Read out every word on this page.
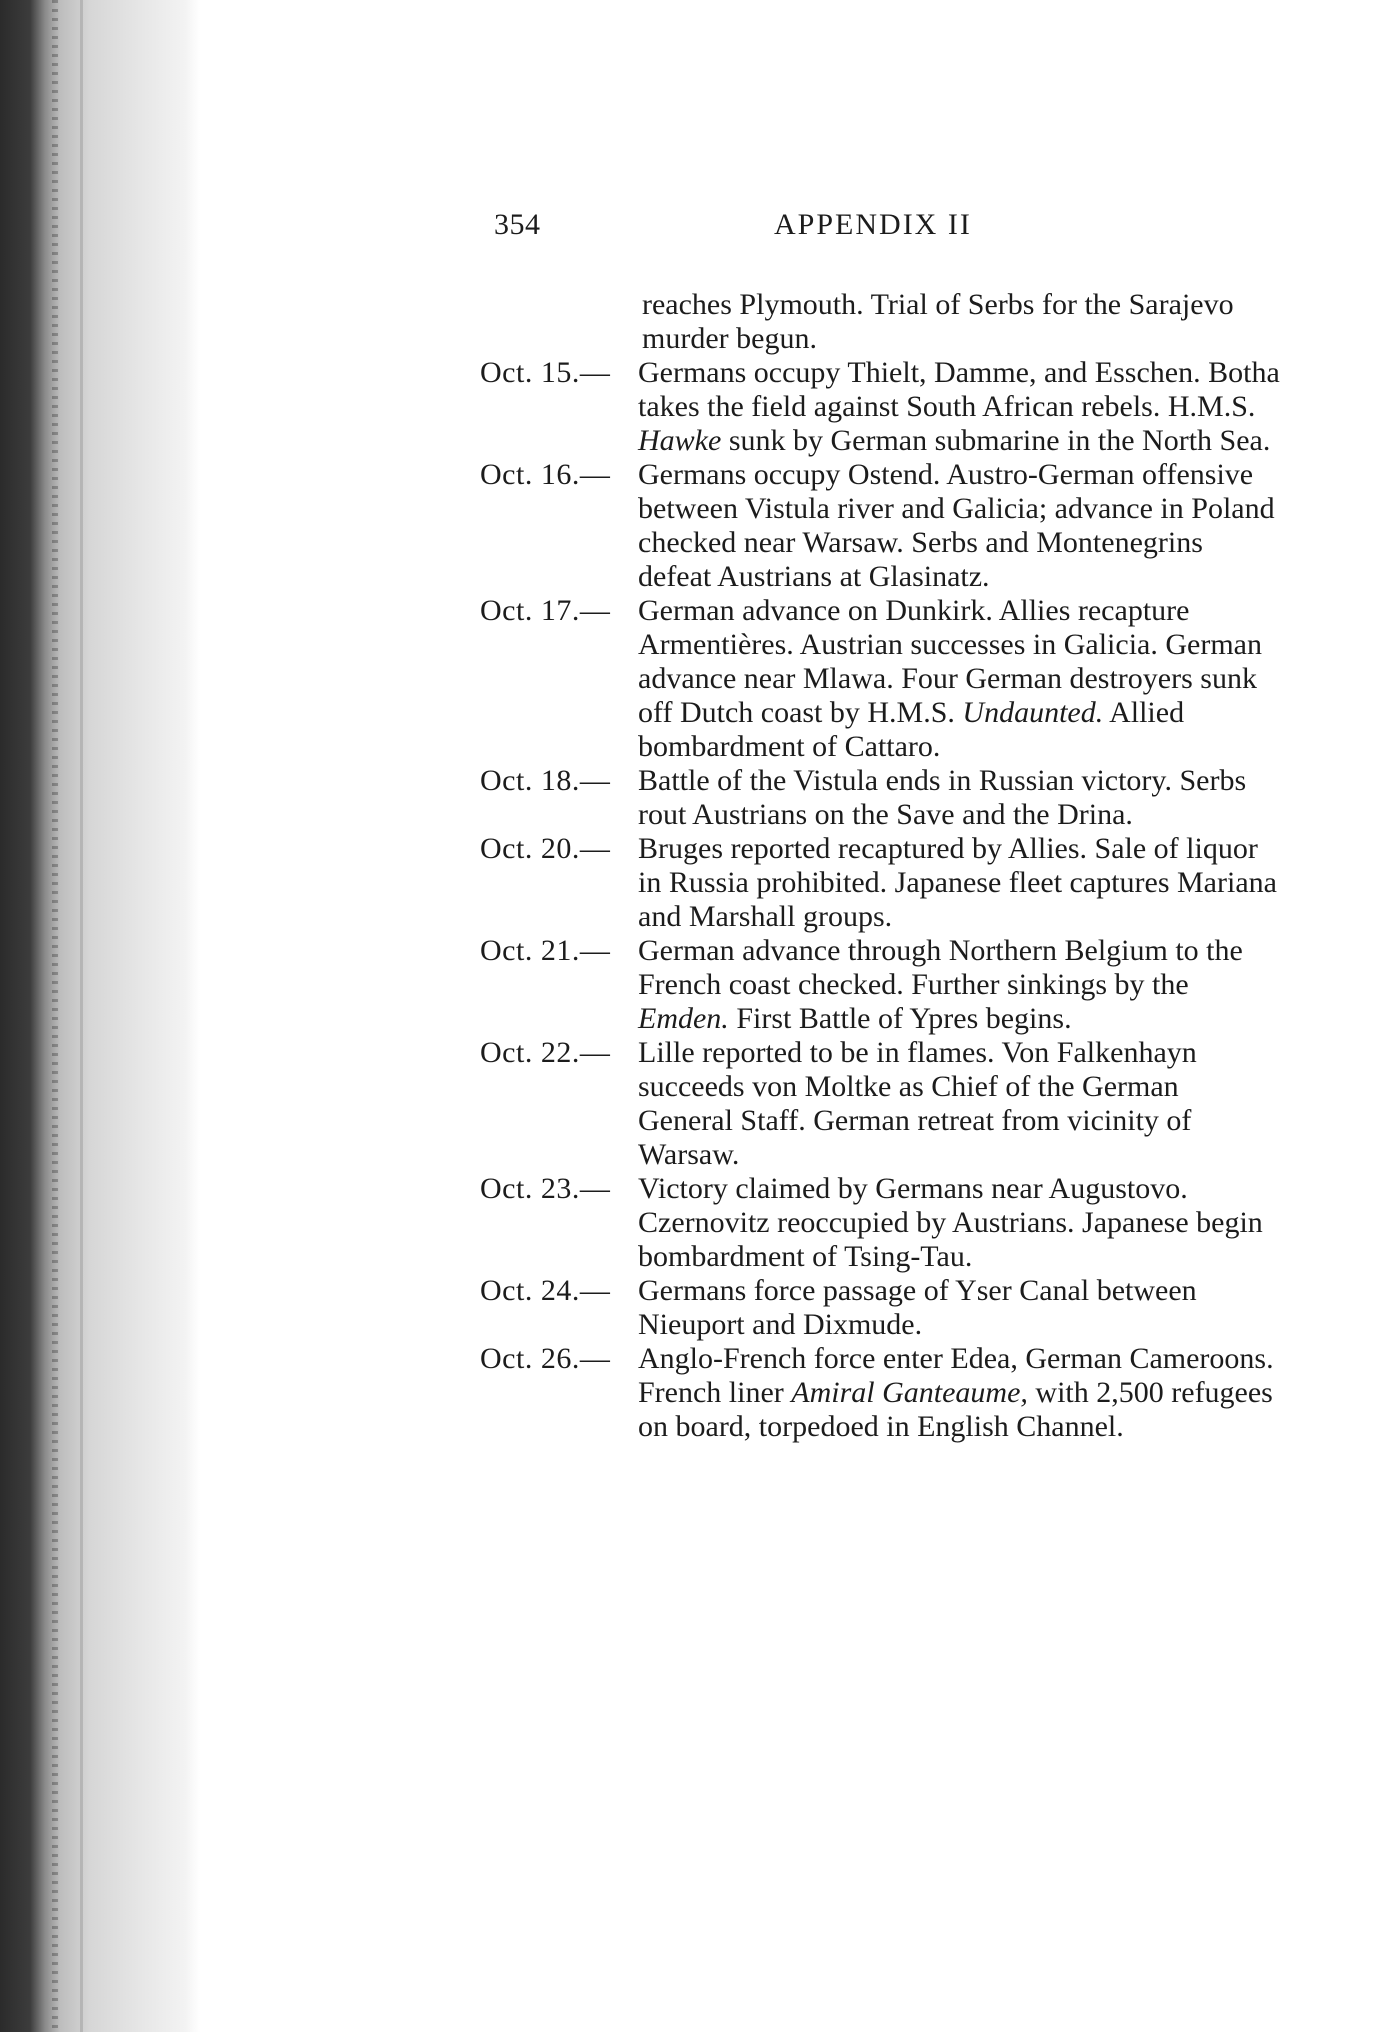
354	APPENDIX II

reaches Plymouth. Trial of Serbs for the Sarajevo murder begun.

Oct. 15.— Germans occupy Thielt, Damme, and Esschen. Botha takes the field against South African rebels. H.M.S. Hawke sunk by German submarine in the North Sea.

Oct. 16.— Germans occupy Ostend. Austro-German offensive between Vistula river and Galicia; advance in Poland checked near Warsaw. Serbs and Montenegrins defeat Austrians at Glasinatz.

Oct. 17.— German advance on Dunkirk. Allies recapture Armentières. Austrian successes in Galicia. German advance near Mlawa. Four German destroyers sunk off Dutch coast by H.M.S. Undaunted. Allied bombardment of Cattaro.

Oct. 18.— Battle of the Vistula ends in Russian victory. Serbs rout Austrians on the Save and the Drina.

Oct. 20.— Bruges reported recaptured by Allies. Sale of liquor in Russia prohibited. Japanese fleet captures Mariana and Marshall groups.

Oct. 21.— German advance through Northern Belgium to the French coast checked. Further sinkings by the Emden. First Battle of Ypres begins.

Oct. 22.— Lille reported to be in flames. Von Falkenhayn succeeds von Moltke as Chief of the German General Staff. German retreat from vicinity of Warsaw.

Oct. 23.— Victory claimed by Germans near Augustovo. Czernovitz reoccupied by Austrians. Japanese begin bombardment of Tsing-Tau.

Oct. 24.— Germans force passage of Yser Canal between Nieuport and Dixmude.

Oct. 26.— Anglo-French force enter Edea, German Cameroons. French liner Amiral Ganteaume, with 2,500 refugees on board, torpedoed in English Channel.
